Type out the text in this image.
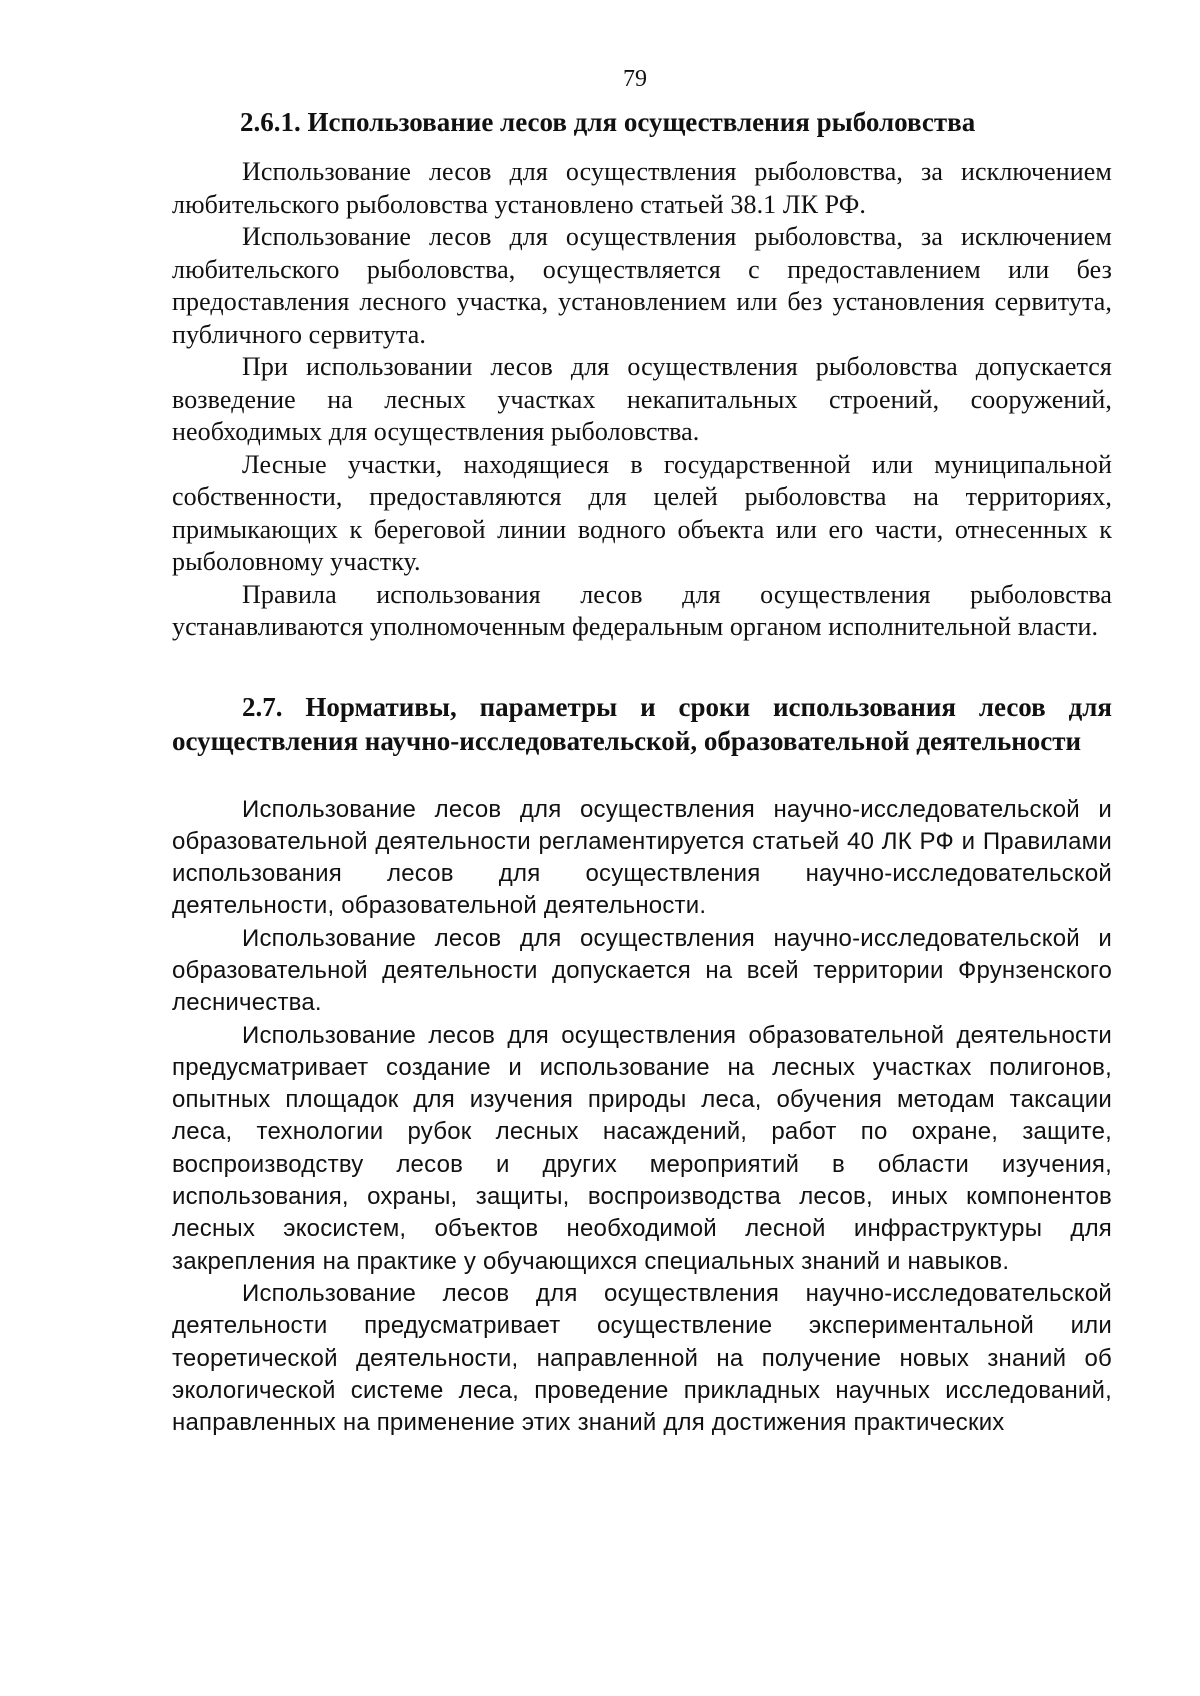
79
2.6.1. Использование лесов для осуществления рыболовства

Использование лесов для осуществления рыболовства, за исключением любительского рыболовства установлено статьей 38.1 ЛК РФ.

Использование лесов для осуществления рыболовства, за исключением любительского рыболовства, осуществляется с предоставлением или без предоставления лесного участка, установлением или без установления сервитута, публичного сервитута.

При использовании лесов для осуществления рыболовства допускается возведение на лесных участках некапитальных строений, сооружений, необходимых для осуществления рыболовства.

Лесные участки, находящиеся в государственной или муниципальной собственности, предоставляются для целей рыболовства на территориях, примыкающих к береговой линии водного объекта или его части, отнесенных к рыболовному участку.

Правила использования лесов для осуществления рыболовства устанавливаются уполномоченным федеральным органом исполнительной власти.

2.7. Нормативы, параметры и сроки использования лесов для осуществления научно-исследовательской, образовательной деятельности

Использование лесов для осуществления научно-исследовательской и образовательной деятельности регламентируется статьей 40 ЛК РФ и Правилами использования лесов для осуществления научно-исследовательской деятельности, образовательной деятельности.

Использование лесов для осуществления научно-исследовательской и образовательной деятельности допускается на всей территории Фрунзенского лесничества.

Использование лесов для осуществления образовательной деятельности предусматривает создание и использование на лесных участках полигонов, опытных площадок для изучения природы леса, обучения методам таксации леса, технологии рубок лесных насаждений, работ по охране, защите, воспроизводству лесов и других мероприятий в области изучения, использования, охраны, защиты, воспроизводства лесов, иных компонентов лесных экосистем, объектов необходимой лесной инфраструктуры для закрепления на практике у обучающихся специальных знаний и навыков.

Использование лесов для осуществления научно-исследовательской деятельности предусматривает осуществление экспериментальной или теоретической деятельности, направленной на получение новых знаний об экологической системе леса, проведение прикладных научных исследований, направленных на применение этих знаний для достижения практических
